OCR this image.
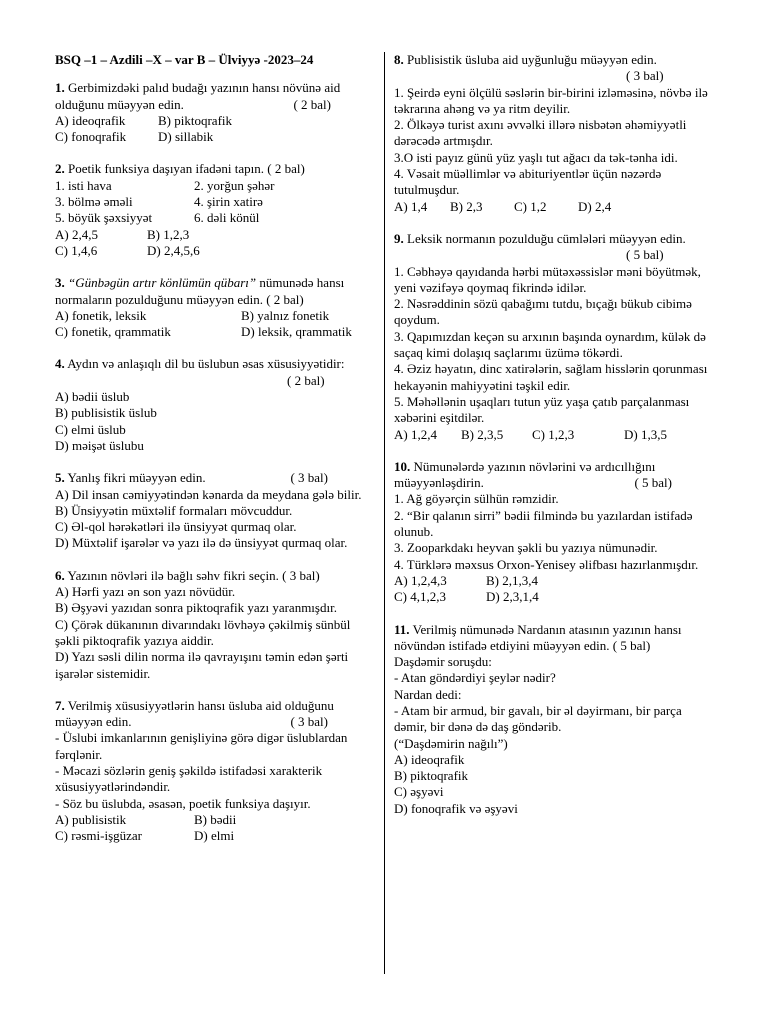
BSQ –1 – Azdili –X – var B – Ülviyyə -2023–24
1. Gerbimizdəki palıd budağı yazının hansı növünə aid
olduğunu müəyyən edin.	( 2 bal)
A) ideoqrafik	B) piktoqrafik
C) fonoqrafik	D) sillabik
2. Poetik funksiya daşıyan ifadəni tapın. ( 2 bal)
1. isti hava	2. yorğun şəhər
3. bölmə əməli	4. şirin xatirə
5. böyük şəxsiyyət	6. dəli könül
A) 2,4,5	B) 1,2,3
C) 1,4,6	D) 2,4,5,6
3. “Günbəgün artır könlümün qübarı” nümunədə hansı
normaların pozulduğunu müəyyən edin. ( 2 bal)
A) fonetik, leksik	B) yalnız fonetik
C) fonetik, qrammatik	D) leksik, qrammatik
4. Aydın və anlaşıqlı dil bu üslubun əsas xüsusiyyətidir:
( 2 bal)
A) bədii üslub
B) publisistik üslub
C) elmi üslub
D) məişət üslubu
5. Yanlış fikri müəyyən edin.	( 3 bal)
A) Dil insan cəmiyyətindən kənarda da meydana gələ bilir.
B) Ünsiyyətin müxtəlif formaları mövcuddur.
C) Əl-qol hərəkətləri ilə ünsiyyət qurmaq olar.
D) Müxtəlif işarələr və yazı ilə də ünsiyyət qurmaq olar.
6. Yazının növləri ilə bağlı səhv fikri seçin. ( 3 bal)
A) Hərfi yazı ən son yazı növüdür.
B) Əşyəvi yazıdan sonra piktoqrafik yazı yaranmışdır.
C) Çörək dükanının divarındakı lövhəyə çəkilmiş sünbül şəkli piktoqrafik yazıya aiddir.
D) Yazı səsli dilin norma ilə qavrayışını təmin edən şərti işarələr sistemidir.
7. Verilmiş xüsusiyyətlərin hansı üsluba aid olduğunu
müəyyən edin.	( 3 bal)
- Üslubi imkanlarının genişliyinə görə digər üslublardan fərqlənir.
- Məcazi sözlərin geniş şəkildə istifadəsi xarakterik xüsusiyyətlərindəndir.
- Söz bu üslubda, əsasən, poetik funksiya daşıyır.
A) publisistik	B) bədii
C) rəsmi-işgüzar	D) elmi
8. Publisistik üsluba aid uyğunluğu müəyyən edin.
( 3 bal)
1. Şeirdə eyni ölçülü səslərin bir-birini izləməsinə, növbə ilə təkrarına ahəng və ya ritm deyilir.
2. Ölkəyə turist axını əvvəlki illərə nisbətən əhəmiyyətli dərəcədə artmışdır.
3.O isti payız günü yüz yaşlı tut ağacı da tək-tənha idi.
4. Vəsait müəllimlər və abituriyentlər üçün nəzərdə tutulmuşdur.
A) 1,4	B) 2,3	C) 1,2	D) 2,4
9. Leksik normanın pozulduğu cümlələri müəyyən edin.
( 5 bal)
1. Cəbhəyə qayıdanda hərbi mütəxəssislər məni böyütmək, yeni vəzifəyə qoymaq fikrində idilər.
2. Nəsrəddinin sözü qabağımı tutdu, bıçağı bükub cibimə qoydum.
3. Qapımızdan keçən su arxının başında oynardım, külək də saçaq kimi dolaşıq saçlarımı üzümə tökərdi.
4. Əziz həyatın, dinc xatirələrin, sağlam hisslərin qorunması hekayənin mahiyyətini təşkil edir.
5. Məhəllənin uşaqları tutun yüz yaşa çatıb parçalanması xəbərini eşitdilər.
A) 1,2,4	B) 2,3,5	C) 1,2,3	D) 1,3,5
10. Nümunələrdə yazının növlərini və ardıcıllığını
müəyyənləşdirin.	( 5 bal)
1. Ağ göyərçin sülhün rəmzidir.
2. “Bir qalanın sirri” bədii filmində bu yazılardan istifadə olunub.
3. Zooparkdakı heyvan şəkli bu yazıya nümunədir.
4. Türklərə məxsus Orxon-Yenisey əlifbası hazırlanmışdır.
A) 1,2,4,3	B) 2,1,3,4
C) 4,1,2,3	D) 2,3,1,4
11. Verilmiş nümunədə Nardanın atasının yazının hansı növündən istifadə etdiyini müəyyən edin. ( 5 bal)
Daşdəmir soruşdu:
- Atan göndərdiyi şeylər nədir?
Nardan dedi:
- Atam bir armud, bir gavalı, bir əl dəyirmanı, bir parça dəmir, bir dənə də daş göndərib.
(“Daşdəmirin nağılı”)
A) ideoqrafik
B) piktoqrafik
C) əşyəvi
D) fonoqrafik və əşyəvi
